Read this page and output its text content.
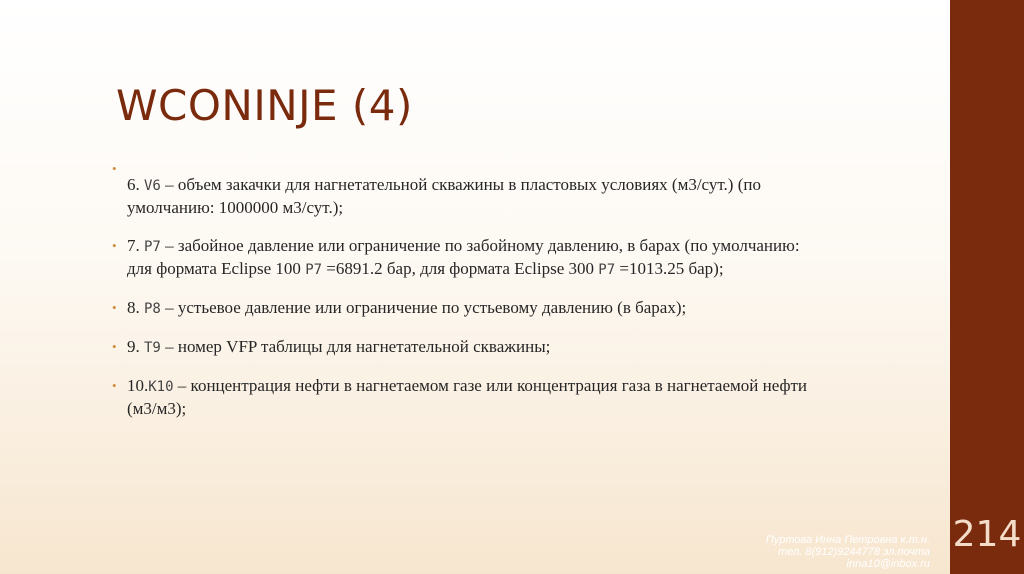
WCONINJE (4)
•
6. V6 – объем закачки для нагнетательной скважины в пластовых условиях (м3/сут.) (по умолчанию: 1000000 м3/сут.);
• 7. P7 – забойное давление или ограничение по забойному давлению, в барах (по умолчанию: для формата Eclipse 100 P7 =6891.2 бар, для формата Eclipse 300 P7 =1013.25 бар);
• 8. P8 – устьевое давление или ограничение по устьевому давлению (в барах);
• 9. T9 – номер VFP таблицы для нагнетательной скважины;
• 10.K10 – концентрация нефти в нагнетаемом газе или концентрация газа в нагнетаемой нефти (м3/м3);
Пуртова Инна Петровна к.т.н.
тел. 8(912)9244778 эл.почта
inna10@inbox.ru
214
